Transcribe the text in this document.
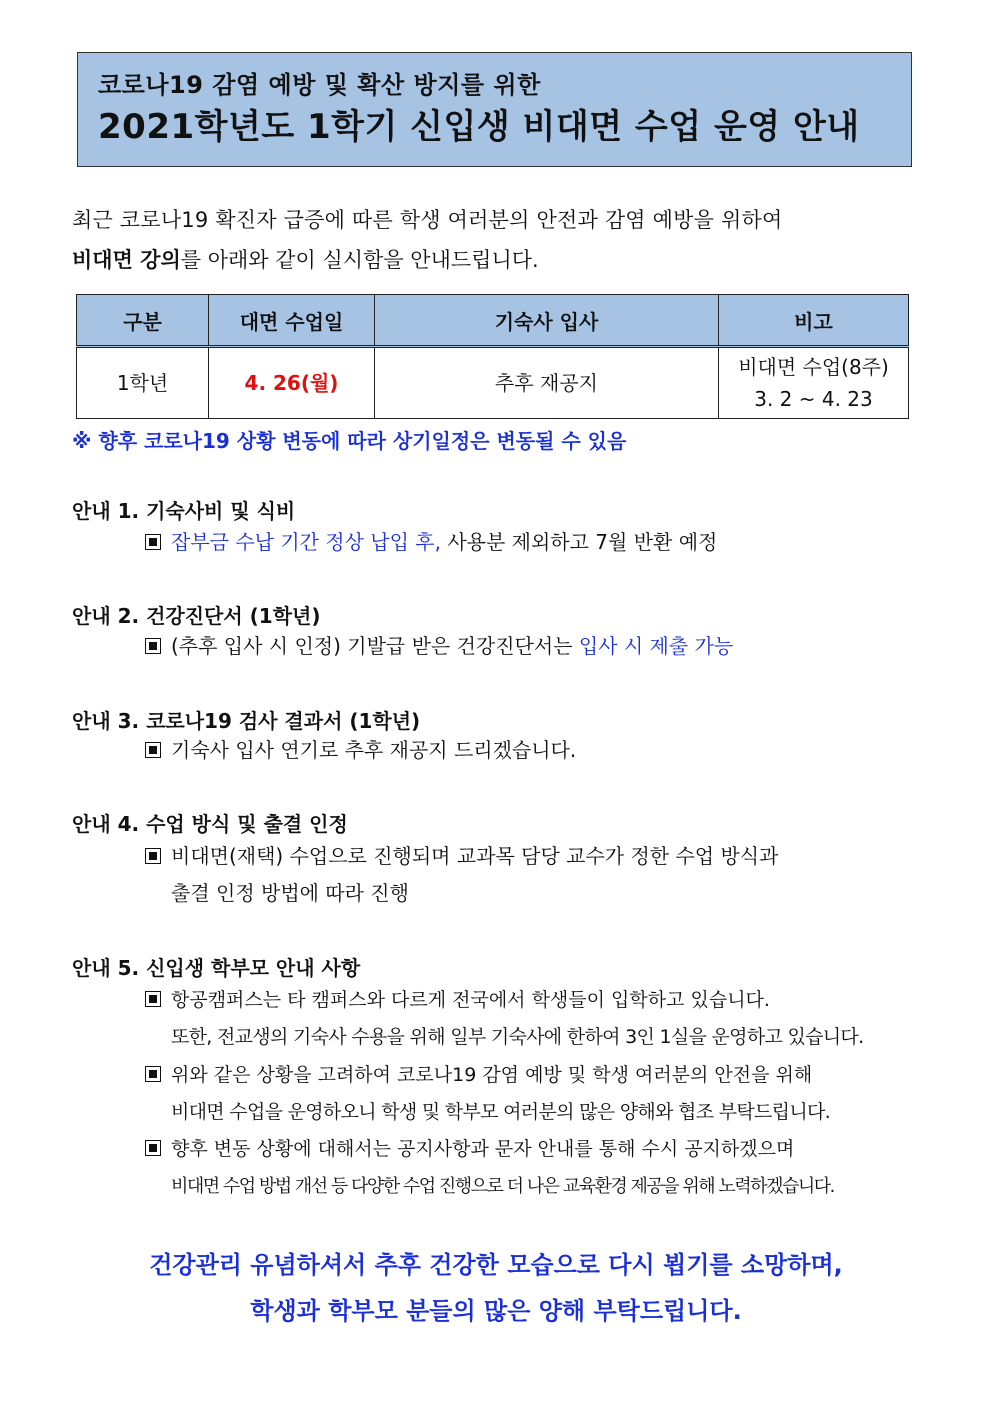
코로나19 감염 예방 및 확산 방지를 위한
2021학년도 1학기 신입생 비대면 수업 운영 안내
최근 코로나19 확진자 급증에 따른 학생 여러분의 안전과 감염 예방을 위하여
비대면 강의를 아래와 같이 실시함을 안내드립니다.
구분	대면 수업일	기숙사 입사	비고
1학년	4. 26(월)	추후 재공지	비대면 수업(8주)
3. 2 ~ 4. 23
※ 향후 코로나19 상황 변동에 따라 상기일정은 변동될 수 있음
안내 1. 기숙사비 및 식비
잡부금 수납 기간 정상 납입 후, 사용분 제외하고 7월 반환 예정
안내 2. 건강진단서 (1학년)
(추후 입사 시 인정) 기발급 받은 건강진단서는 입사 시 제출 가능
안내 3. 코로나19 검사 결과서 (1학년)
기숙사 입사 연기로 추후 재공지 드리겠습니다.
안내 4. 수업 방식 및 출결 인정
비대면(재택) 수업으로 진행되며 교과목 담당 교수가 정한 수업 방식과
출결 인정 방법에 따라 진행
안내 5. 신입생 학부모 안내 사항
항공캠퍼스는 타 캠퍼스와 다르게 전국에서 학생들이 입학하고 있습니다.
또한, 전교생의 기숙사 수용을 위해 일부 기숙사에 한하여 3인 1실을 운영하고 있습니다.
위와 같은 상황을 고려하여 코로나19 감염 예방 및 학생 여러분의 안전을 위해
비대면 수업을 운영하오니 학생 및 학부모 여러분의 많은 양해와 협조 부탁드립니다.
향후 변동 상황에 대해서는 공지사항과 문자 안내를 통해 수시 공지하겠으며
비대면 수업 방법 개선 등 다양한 수업 진행으로 더 나은 교육환경 제공을 위해 노력하겠습니다.
건강관리 유념하셔서 추후 건강한 모습으로 다시 뵙기를 소망하며,
학생과 학부모 분들의 많은 양해 부탁드립니다.
